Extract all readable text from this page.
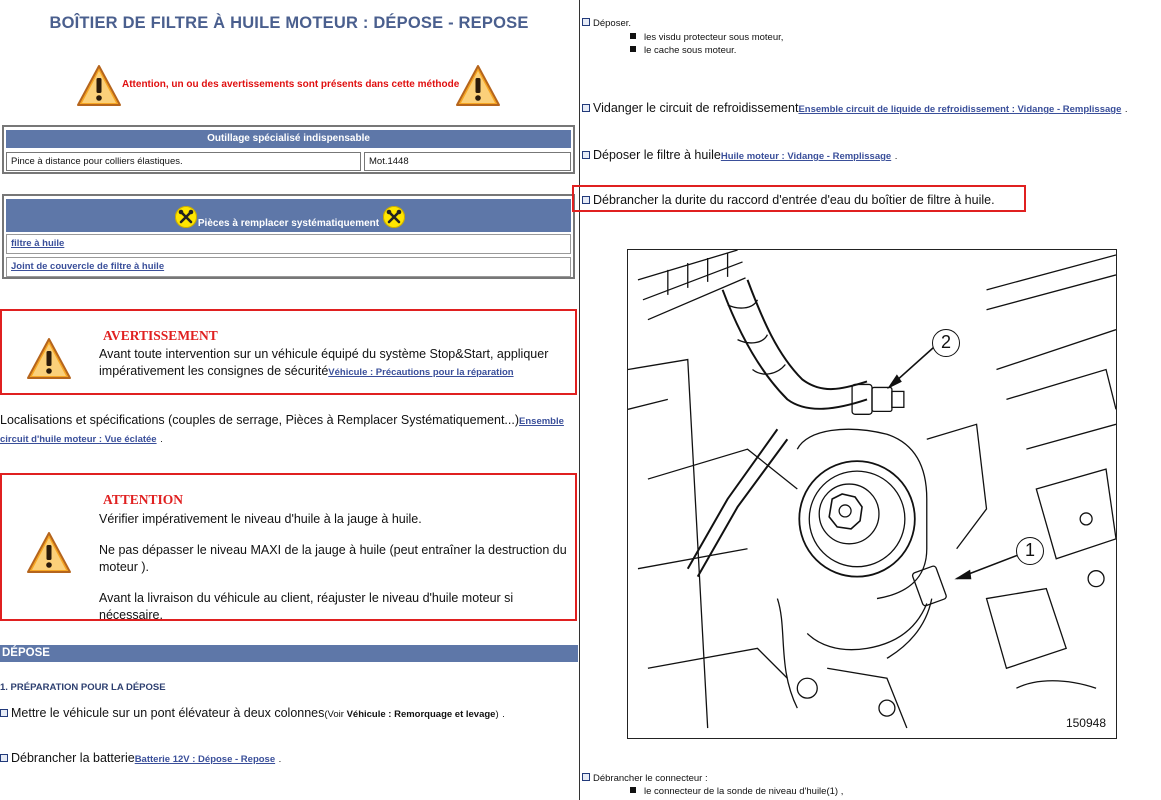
BOÎTIER DE FILTRE À HUILE MOTEUR : DÉPOSE - REPOSE
Attention, un ou des avertissements sont présents dans cette méthode
Outillage spécialisé indispensable
Pince à distance pour colliers élastiques.	Mot.1448
Pièces à remplacer systématiquement
filtre à huile
Joint de couvercle de filtre à huile
AVERTISSEMENT
Avant toute intervention sur un véhicule équipé du système Stop&Start, appliquer
impérativement les consignes de sécuritéVéhicule : Précautions pour la réparation
Localisations et spécifications (couples de serrage, Pièces à Remplacer Systématiquement...)Ensemble
circuit d'huile moteur : Vue éclatée .
ATTENTION
Vérifier impérativement le niveau d'huile à la jauge à huile.
Ne pas dépasser le niveau MAXI de la jauge à huile (peut entraîner la destruction du
moteur ).
Avant la livraison du véhicule au client, réajuster le niveau d'huile moteur si nécessaire.
DÉPOSE
1. PRÉPARATION POUR LA DÉPOSE
Mettre le véhicule sur un pont élévateur à deux colonnes(Voir Véhicule : Remorquage et levage) .
Débrancher la batterieBatterie 12V : Dépose - Repose .
Déposer.
les visdu protecteur sous moteur,
le cache sous moteur.
Vidanger le circuit de refroidissementEnsemble circuit de liquide de refroidissement : Vidange - Remplissage .
Déposer le filtre à huileHuile moteur : Vidange - Remplissage .
Débrancher la durite du raccord d'entrée d'eau du boîtier de filtre à huile.
Débrancher le connecteur :
le connecteur de la sonde de niveau d'huile(1) ,
2
1
150948
